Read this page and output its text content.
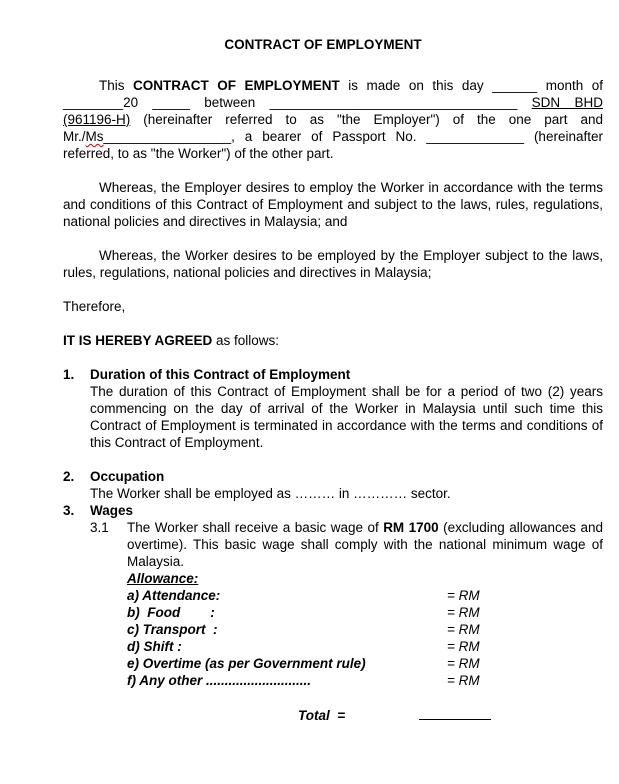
CONTRACT OF EMPLOYMENT

This CONTRACT OF EMPLOYMENT is made on this day ______ month of ________20 _____ between _________________________________ SDN BHD (961196-H) (hereinafter referred to as "the Employer") of the one part and Mr./⁠Ms_________________, a bearer of Passport No. _____________ (hereinafter referred, to as "the Worker") of the other part.

Whereas, the Employer desires to employ the Worker in accordance with the terms and conditions of this Contract of Employment and subject to the laws, rules, regulations, national policies and directives in Malaysia; and

Whereas, the Worker desires to be employed by the Employer subject to the laws, rules, regulations, national policies and directives in Malaysia;

Therefore,

IT IS HEREBY AGREED as follows:

1.	Duration of this Contract of Employment
The duration of this Contract of Employment shall be for a period of two (2) years commencing on the day of arrival of the Worker in Malaysia until such time this Contract of Employment is terminated in accordance with the terms and conditions of this Contract of Employment.
2.	Occupation
The Worker shall be employed as ……… in ………… sector.
3.	Wages
3.1	The Worker shall receive a basic wage of RM 1700 (excluding allowances and overtime). This basic wage shall comply with the national minimum wage of Malaysia.
Allowance:
a) Attendance:	= RM
b)  Food        :	= RM
c) Transport  :	= RM
d) Shift :	= RM
e) Overtime (as per Government rule)	= RM
f) Any other ............................	= RM
Total  =
